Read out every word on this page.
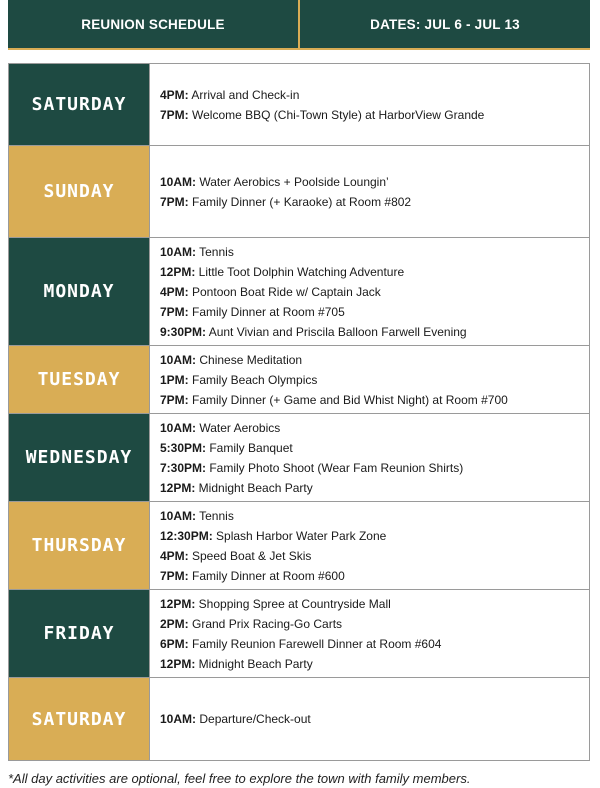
REUNION SCHEDULE	DATES: JUL 6 - JUL 13
SATURDAY	4PM: Arrival and Check-in
7PM: Welcome BBQ (Chi-Town Style) at HarborView Grande
SUNDAY	10AM: Water Aerobics + Poolside Loungin’
7PM: Family Dinner (+ Karaoke) at Room #802
MONDAY
10AM: Tennis
12PM: Little Toot Dolphin Watching Adventure
4PM: Pontoon Boat Ride w/ Captain Jack
7PM: Family Dinner at Room #705
9:30PM: Aunt Vivian and Priscila Balloon Farwell Evening
TUESDAY
10AM: Chinese Meditation
1PM: Family Beach Olympics
7PM: Family Dinner (+ Game and Bid Whist Night) at Room #700
WEDNESDAY
10AM: Water Aerobics
5:30PM: Family Banquet
7:30PM: Family Photo Shoot (Wear Fam Reunion Shirts)
12PM: Midnight Beach Party
THURSDAY
10AM: Tennis
12:30PM: Splash Harbor Water Park Zone
4PM: Speed Boat & Jet Skis
7PM: Family Dinner at Room #600
FRIDAY
12PM: Shopping Spree at Countryside Mall
2PM: Grand Prix Racing-Go Carts
6PM: Family Reunion Farewell Dinner at Room #604
12PM: Midnight Beach Party
SATURDAY	10AM: Departure/Check-out
*All day activities are optional, feel free to explore the town with family members.
